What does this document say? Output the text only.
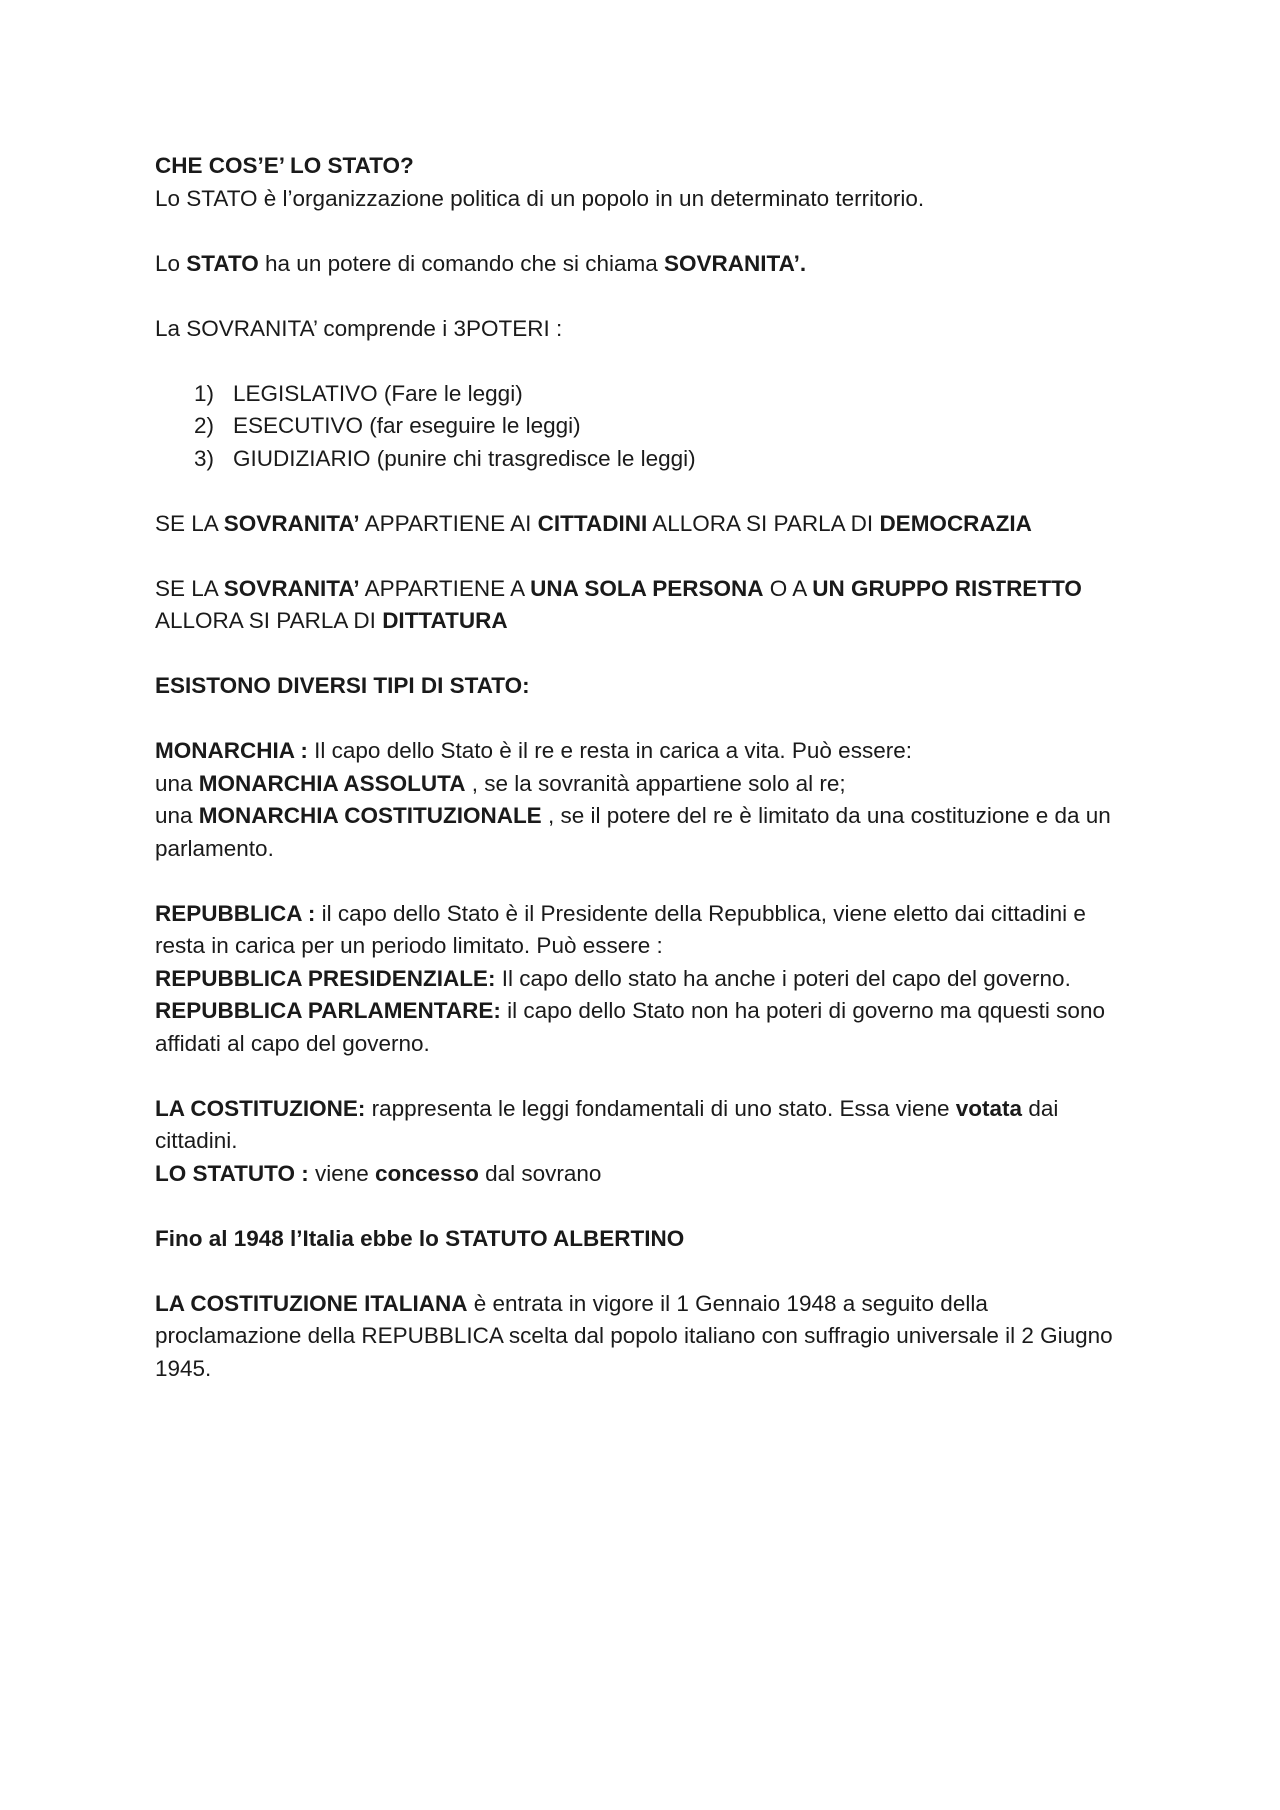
CHE COS’E’ LO STATO?

Lo STATO è l’organizzazione politica di un popolo in un determinato territorio.

Lo STATO ha un potere di comando che si chiama SOVRANITA’.

La SOVRANITA’ comprende i 3POTERI :

1) LEGISLATIVO (Fare le leggi)
2) ESECUTIVO (far eseguire le leggi)
3) GIUDIZIARIO (punire chi trasgredisce le leggi)

SE LA SOVRANITA’ APPARTIENE AI CITTADINI ALLORA SI PARLA DI DEMOCRAZIA

SE LA SOVRANITA’ APPARTIENE A UNA SOLA PERSONA O A UN GRUPPO RISTRETTO ALLORA SI PARLA DI DITTATURA

ESISTONO DIVERSI TIPI DI STATO:

MONARCHIA : Il capo dello Stato è il re e resta in carica a vita. Può essere:

una MONARCHIA ASSOLUTA , se la sovranità appartiene solo al re;

una MONARCHIA COSTITUZIONALE , se il potere del re è limitato da una costituzione e da un parlamento.

REPUBBLICA : il capo dello Stato è il Presidente della Repubblica, viene eletto dai cittadini e resta in carica per un periodo limitato. Può essere :

REPUBBLICA PRESIDENZIALE: Il capo dello stato ha anche i poteri del capo del governo.

REPUBBLICA PARLAMENTARE: il capo dello Stato non ha poteri di governo ma qquesti sono affidati al capo del governo.

LA COSTITUZIONE: rappresenta le leggi fondamentali di uno stato. Essa viene votata dai cittadini.

LO STATUTO : viene concesso dal sovrano

Fino al 1948 l’Italia ebbe lo STATUTO ALBERTINO

LA COSTITUZIONE ITALIANA è entrata in vigore il 1 Gennaio 1948 a seguito della proclamazione della REPUBBLICA scelta dal popolo italiano con suffragio universale il 2 Giugno 1945.
